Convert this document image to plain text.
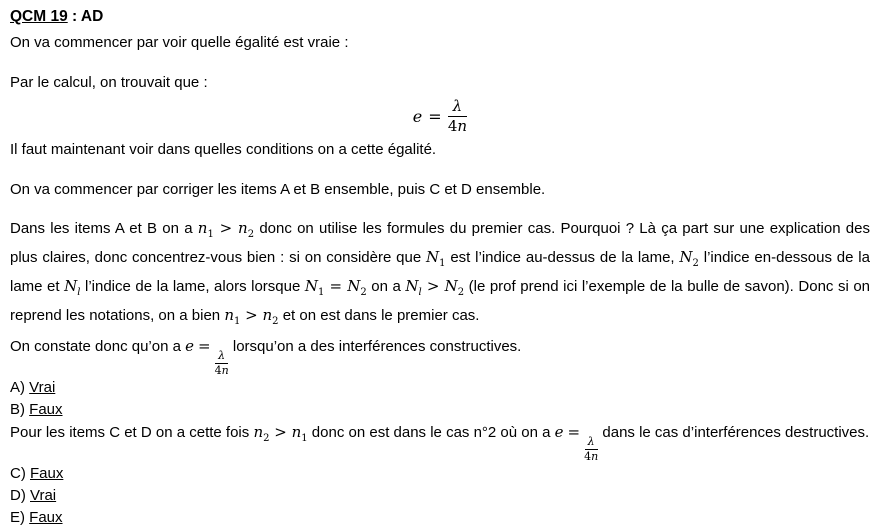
QCM 19 : AD

On va commencer par voir quelle égalité est vraie :

Par le calcul, on trouvait que :

$e = \frac{\lambda}{4n}$

Il faut maintenant voir dans quelles conditions on a cette égalité.

On va commencer par corriger les items A et B ensemble, puis C et D ensemble.

Dans les items A et B on a $n_1 > n_2$ donc on utilise les formules du premier cas. Pourquoi ? Là ça part sur une explication des plus claires, donc concentrez-vous bien : si on considère que $N_1$ est l’indice au-dessus de la lame, $N_2$ l’indice en-dessous de la lame et $N_l$ l’indice de la lame, alors lorsque $N_1 = N_2$ on a $N_l > N_2$ (le prof prend ici l’exemple de la bulle de savon). Donc si on reprend les notations, on a bien $n_1 > n_2$ et on est dans le premier cas.

On constate donc qu’on a e =
$\frac{\lambda}{4n}$
lorsqu’on a des interférences constructives.

A) Vrai

B) Faux

Pour les items C et D on a cette fois $n_2 > n_1$ donc on est dans le cas n°2 où on a e =
$\frac{\lambda}{4n}$
dans le cas d’interférences destructives.

C) Faux

D) Vrai

E) Faux
